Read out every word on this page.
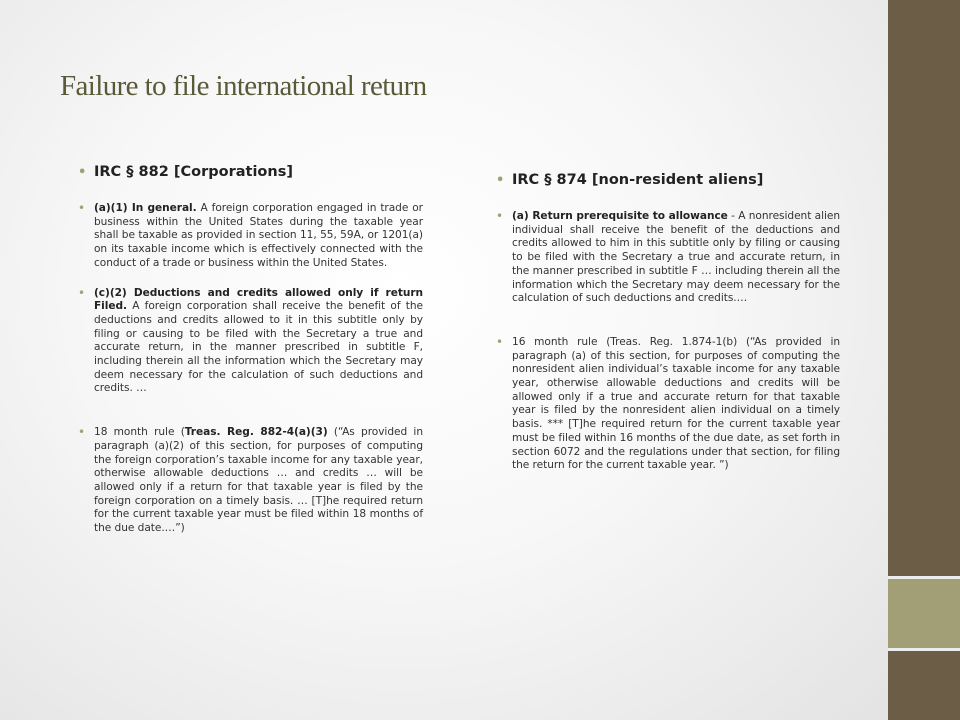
Failure to file international return
• IRC § 882 [Corporations]
• (a)(1) In general. A foreign corporation engaged in trade or business within the United States during the taxable year shall be taxable as provided in section 11, 55, 59A, or 1201(a) on its taxable income which is effectively connected with the conduct of a trade or business within the United States.
• (c)(2) Deductions and credits allowed only if return Filed. A foreign corporation shall receive the benefit of the deductions and credits allowed to it in this subtitle only by filing or causing to be filed with the Secretary a true and accurate return, in the manner prescribed in subtitle F, including therein all the information which the Secretary may deem necessary for the calculation of such deductions and credits. …
• 18 month rule (Treas. Reg. 882-4(a)(3) (“As provided in paragraph (a)(2) of this section, for purposes of computing the foreign corporation’s taxable income for any taxable year, otherwise allowable deductions … and credits … will be allowed only if a return for that taxable year is filed by the foreign corporation on a timely basis. … [T]he required return for the current taxable year must be filed within 18 months of the due date.…”)
• IRC § 874 [non-resident aliens]
• (a) Return prerequisite to allowance - A nonresident alien individual shall receive the benefit of the deductions and credits allowed to him in this subtitle only by filing or causing to be filed with the Secretary a true and accurate return, in the manner prescribed in subtitle F … including therein all the information which the Secretary may deem necessary for the calculation of such deductions and credits.…
• 16 month rule (Treas. Reg. 1.874-1(b) (“As provided in paragraph (a) of this section, for purposes of computing the nonresident alien individual’s taxable income for any taxable year, otherwise allowable deductions and credits will be allowed only if a true and accurate return for that taxable year is filed by the nonresident alien individual on a timely basis. *** [T]he required return for the current taxable year must be filed within 16 months of the due date, as set forth in section 6072 and the regulations under that section, for filing the return for the current taxable year. ”)
